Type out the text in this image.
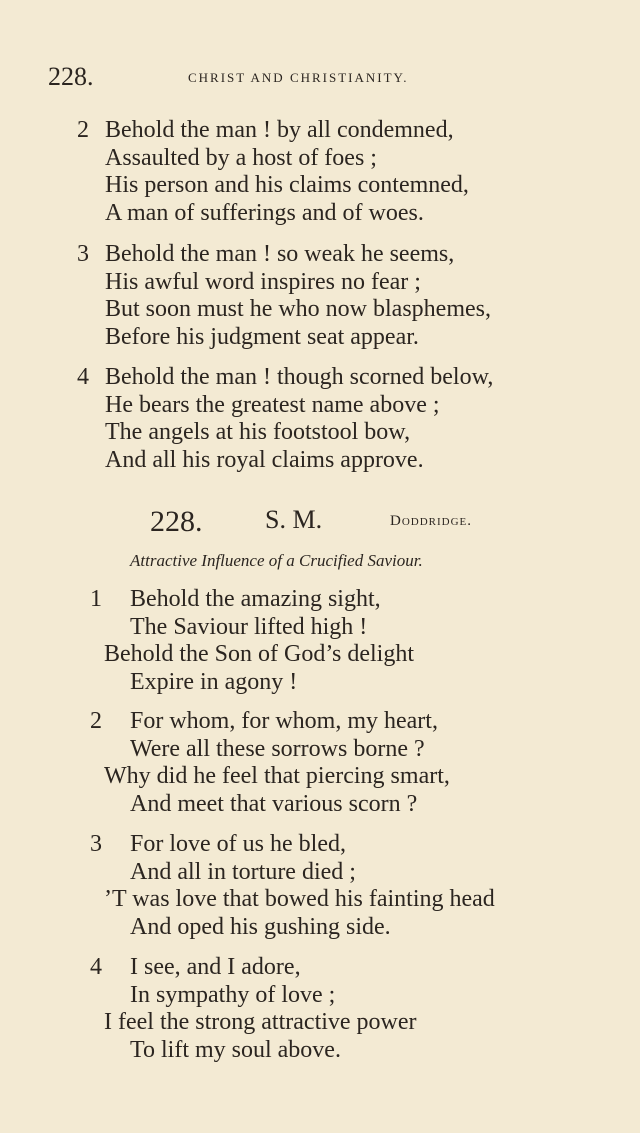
228.	CHRIST AND CHRISTIANITY.
2 Behold the man ! by all condemned,
Assaulted by a host of foes ;
His person and his claims contemned,
A man of sufferings and of woes.
3 Behold the man ! so weak he seems,
His awful word inspires no fear ;
But soon must he who now blasphemes,
Before his judgment seat appear.
4 Behold the man ! though scorned below,
He bears the greatest name above ;
The angels at his footstool bow,
And all his royal claims approve.
228. S. M.	Doddridge.
Attractive Influence of a Crucified Saviour.
1	Behold the amazing sight,
The Saviour lifted high !
Behold the Son of God’s delight
Expire in agony !
2	For whom, for whom, my heart,
Were all these sorrows borne ?
Why did he feel that piercing smart,
And meet that various scorn ?
3	For love of us he bled,
And all in torture died ;
’T was love that bowed his fainting head
And oped his gushing side.
4	I see, and I adore,
In sympathy of love ;
I feel the strong attractive power
To lift my soul above.
